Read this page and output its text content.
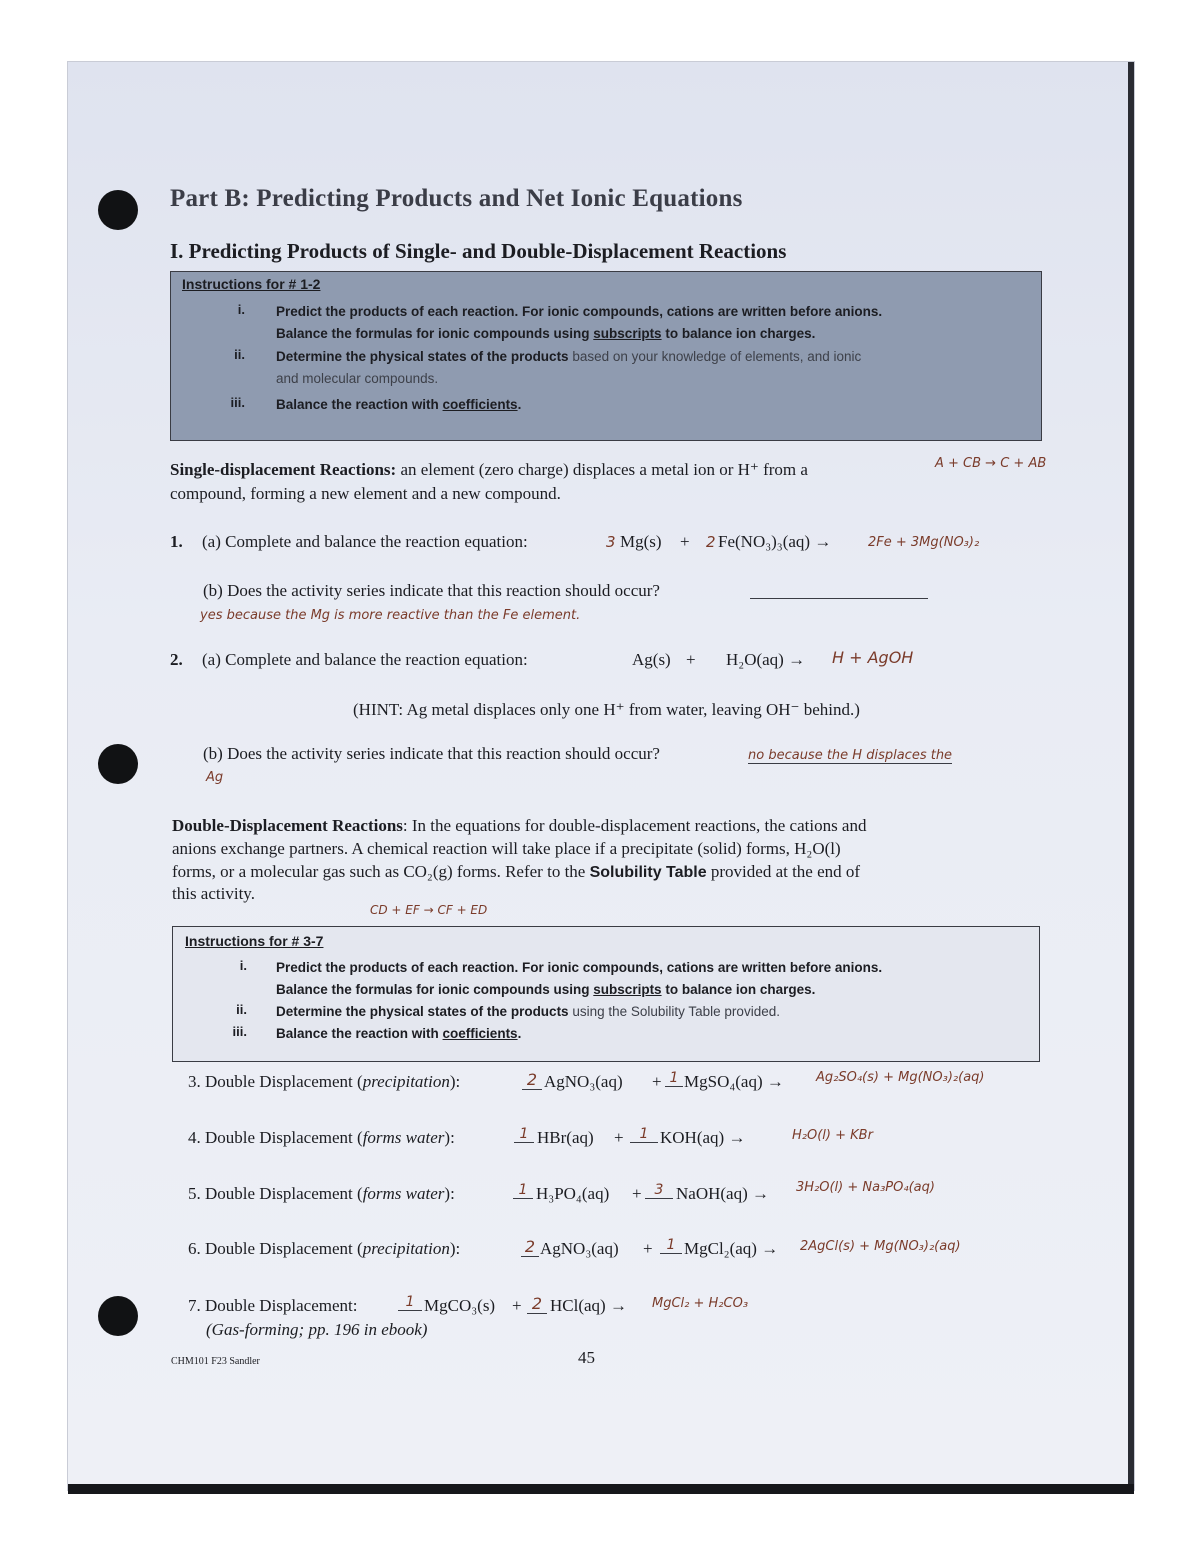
Part B: Predicting Products and Net Ionic Equations
I. Predicting Products of Single- and Double-Displacement Reactions
Instructions for # 1-2
i. Predict the products of each reaction. For ionic compounds, cations are written before anions.
Balance the formulas for ionic compounds using subscripts to balance ion charges.
ii. Determine the physical states of the products based on your knowledge of elements, and ionic
and molecular compounds.
iii. Balance the reaction with coefficients.
Single-displacement Reactions: an element (zero charge) displaces a metal ion or H⁺ from a
compound, forming a new element and a new compound.
A + CB → C + AB
1. (a) Complete and balance the reaction equation:	3 Mg(s) + 2 Fe(NO₃)₃(aq) →	2Fe + 3Mg(NO₃)₂
(b) Does the activity series indicate that this reaction should occur?
yes because the Mg is more reactive than the Fe element.
2. (a) Complete and balance the reaction equation:	Ag(s) + H₂O(aq) → H + AgOH
(HINT: Ag metal displaces only one H⁺ from water, leaving OH⁻ behind.)
(b) Does the activity series indicate that this reaction should occur?	no because the H displaces the
Ag
Double-Displacement Reactions: In the equations for double-displacement reactions, the cations and
anions exchange partners. A chemical reaction will take place if a precipitate (solid) forms, H₂O(l)
forms, or a molecular gas such as CO₂(g) forms. Refer to the Solubility Table provided at the end of
this activity.
CD + EF → CF + ED
Instructions for # 3-7
i. Predict the products of each reaction. For ionic compounds, cations are written before anions.
Balance the formulas for ionic compounds using subscripts to balance ion charges.
ii. Determine the physical states of the products using the Solubility Table provided.
iii. Balance the reaction with coefficients.
3. Double Displacement (precipitation):	2 AgNO₃(aq) + 1 MgSO₄(aq) → Ag₂SO₄(s) + Mg(NO₃)₂(aq)
4. Double Displacement (forms water):	1 HBr(aq) +	1 KOH(aq) →	H₂O(l) + KBr
5. Double Displacement (forms water):	1 H₃PO₄(aq) + 3 NaOH(aq) → 3H₂O(l) + Na₃PO₄(aq)
6. Double Displacement (precipitation):	2 AgNO₃(aq) + 1 MgCl₂(aq) → 2AgCl(s) + Mg(NO₃)₂(aq)
7. Double Displacement:	1 MgCO₃(s) + 2 HCl(aq) → MgCl₂ + H₂CO₃
(Gas-forming; pp. 196 in ebook)
CHM101 F23 Sandler	45
